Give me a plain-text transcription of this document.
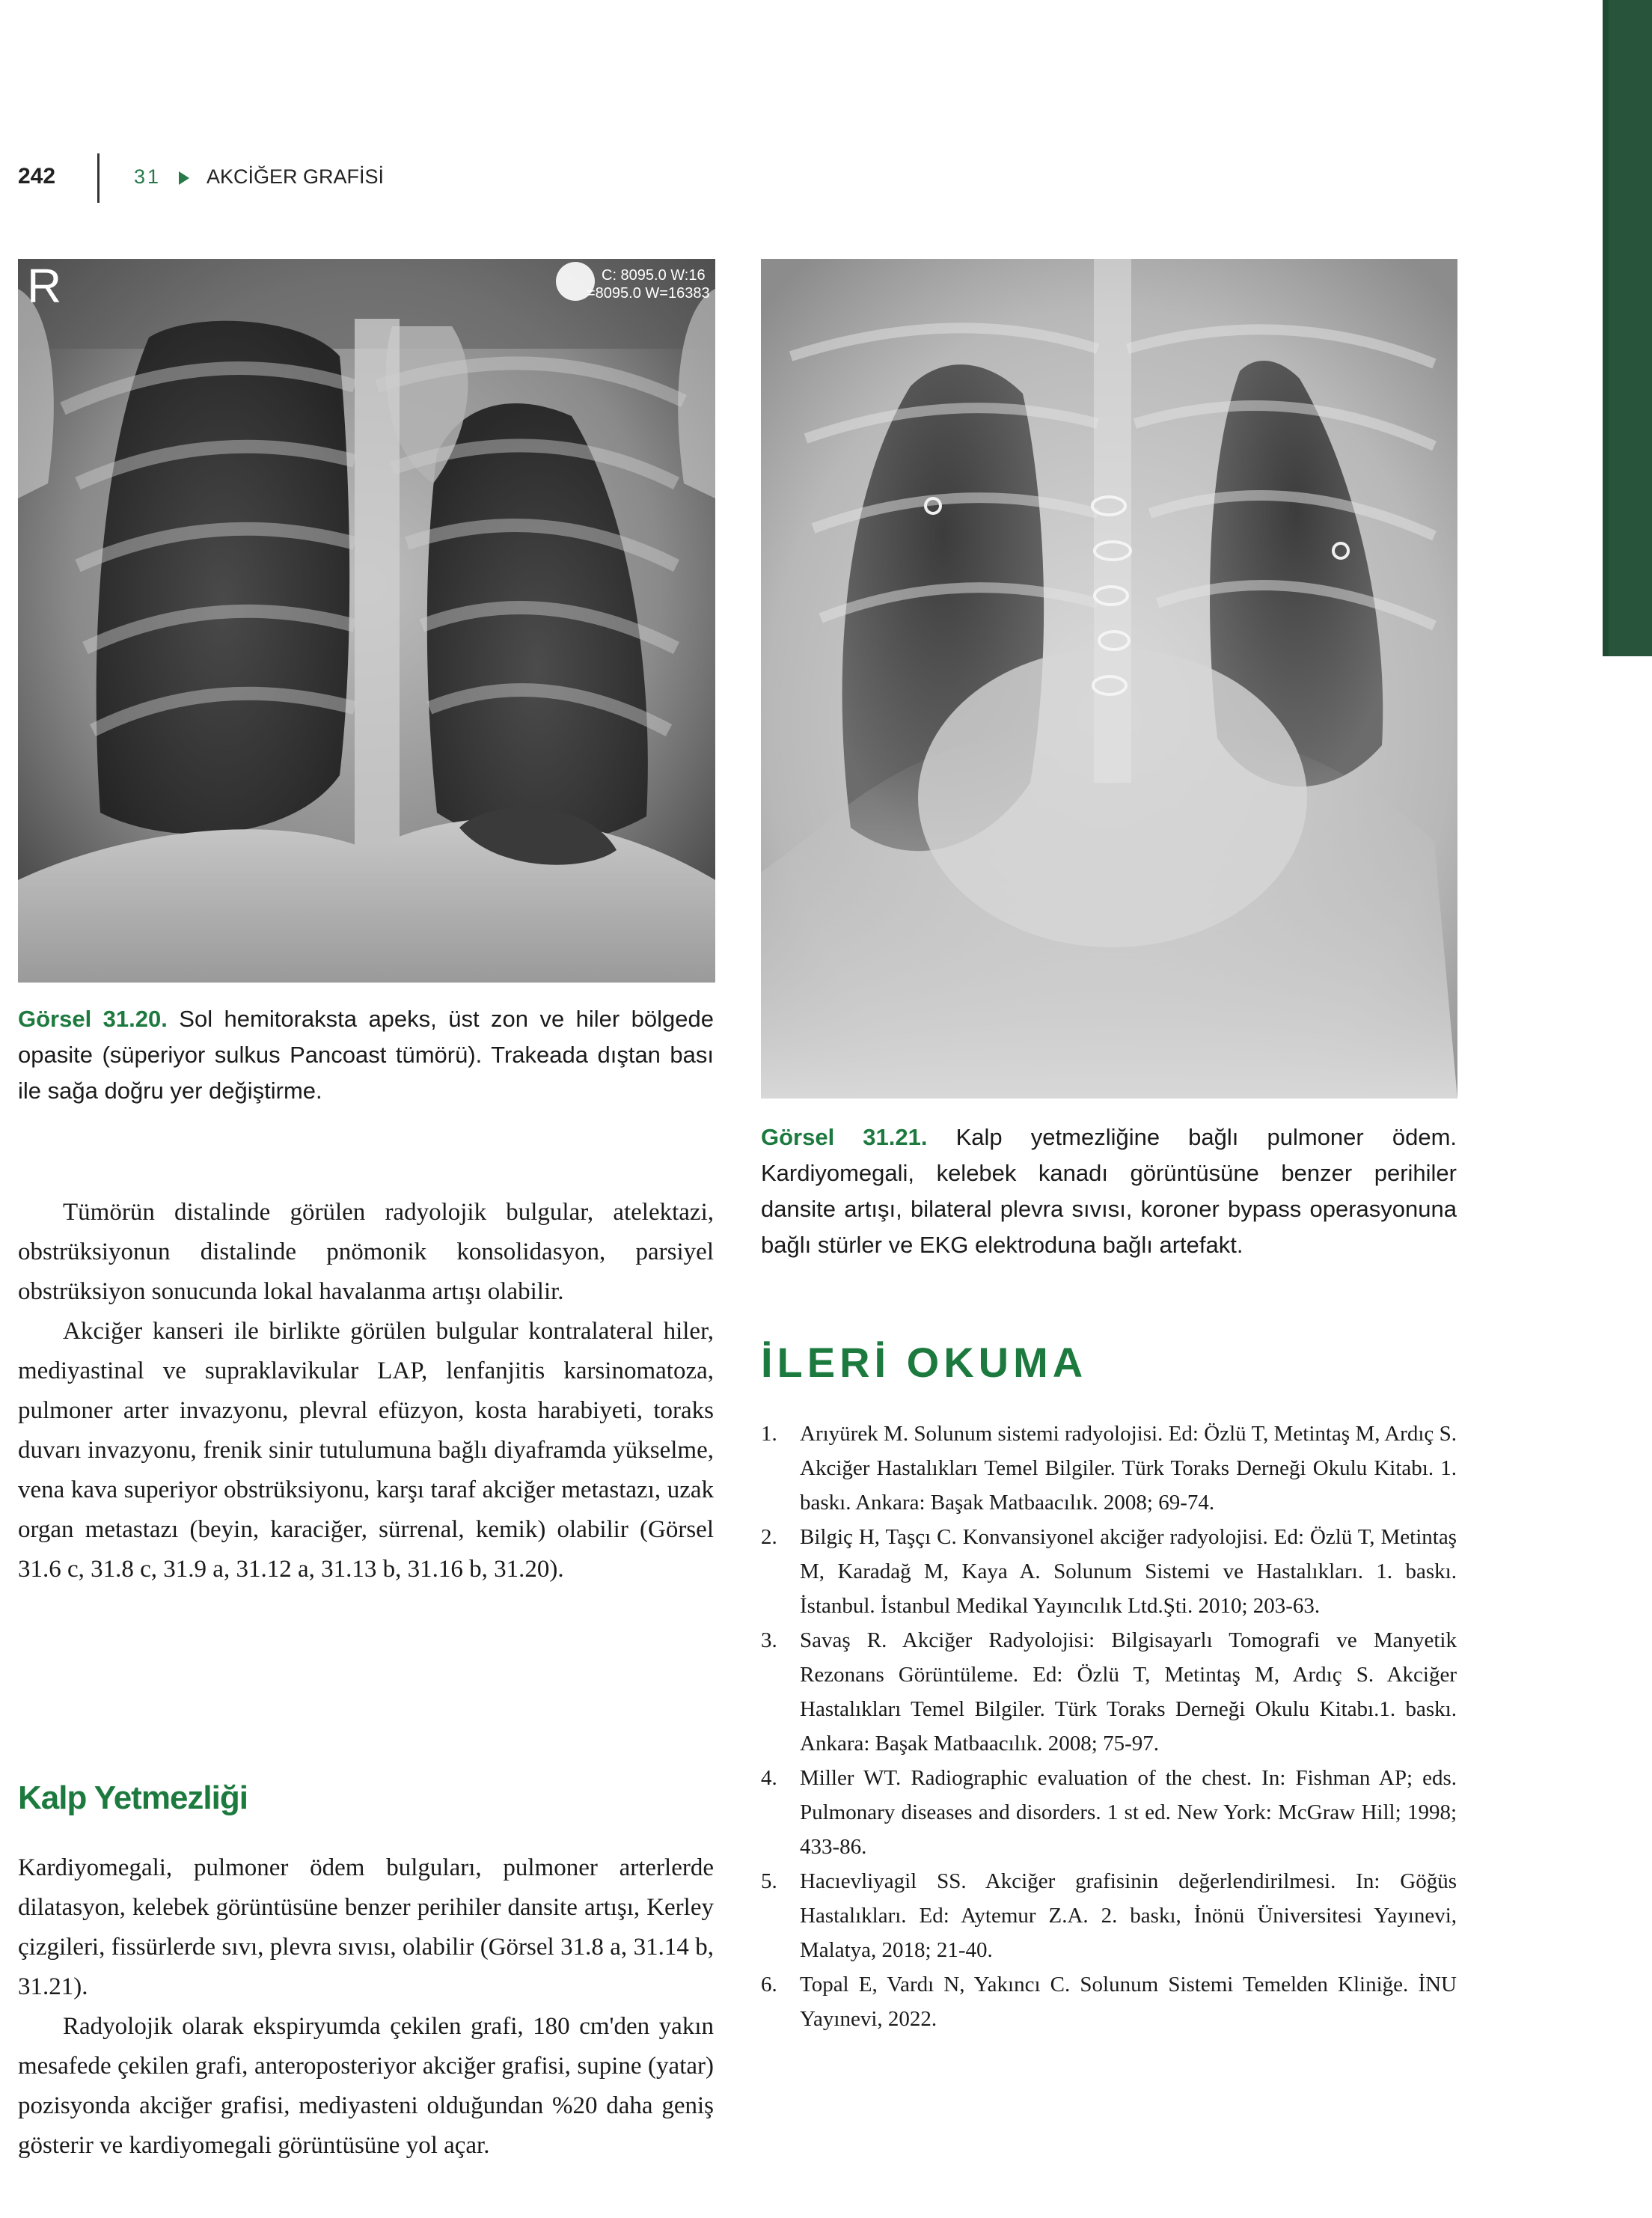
242	31 AKCİĞER GRAFİSİ
R	C: 8095.0 W:16
=8095.0 W=16383
Görsel 31.20. Sol hemitoraksta apeks, üst zon ve hiler bölgede opasite (süperiyor sulkus Pancoast tümörü). Trakeada dıştan bası ile sağa doğru yer değiştirme.
Görsel 31.21. Kalp yetmezliğine bağlı pulmoner ödem. Kardiyomegali, kelebek kanadı görüntüsüne benzer perihiler dansite artışı, bilateral plevra sıvısı, koroner bypass operasyonuna bağlı stürler ve EKG elektroduna bağlı artefakt.

Tümörün distalinde görülen radyolojik bulgular, atelektazi, obstrüksiyonun distalinde pnömonik konsolidasyon, parsiyel obstrüksiyon sonucunda lokal havalanma artışı olabilir.

Akciğer kanseri ile birlikte görülen bulgular kontralateral hiler, mediyastinal ve supraklavikular LAP, lenfanjitis karsinomatoza, pulmoner arter invazyonu, plevral efüzyon, kosta harabiyeti, toraks duvarı invazyonu, frenik sinir tutulumuna bağlı diyaframda yükselme, vena kava superiyor obstrüksiyonu, karşı taraf akciğer metastazı, uzak organ metastazı (beyin, karaciğer, sürrenal, kemik) olabilir (Görsel 31.6 c, 31.8 c, 31.9 a, 31.12 a, 31.13 b, 31.16 b, 31.20).

Kalp Yetmezliği

Kardiyomegali, pulmoner ödem bulguları, pulmoner arterlerde dilatasyon, kelebek görüntüsüne benzer perihiler dansite artışı, Kerley çizgileri, fissürlerde sıvı, plevra sıvısı, olabilir (Görsel 31.8 a, 31.14 b, 31.21).

Radyolojik olarak ekspiryumda çekilen grafi, 180 cm'den yakın mesafede çekilen grafi, anteroposteriyor akciğer grafisi, supine (yatar) pozisyonda akciğer grafisi, mediyasteni olduğundan %20 daha geniş gösterir ve kardiyomegali görüntüsüne yol açar.

İLERİ OKUMA
1. Arıyürek M. Solunum sistemi radyolojisi. Ed: Özlü T, Metintaş M, Ardıç S. Akciğer Hastalıkları Temel Bilgiler. Türk Toraks Derneği Okulu Kitabı. 1. baskı. Ankara: Başak Matbaacılık. 2008; 69-74.
2. Bilgiç H, Taşçı C. Konvansiyonel akciğer radyolojisi. Ed: Özlü T, Metintaş M, Karadağ M, Kaya A. Solunum Sistemi ve Hastalıkları. 1. baskı. İstanbul. İstanbul Medikal Yayıncılık Ltd.Şti. 2010; 203-63.
3. Savaş R. Akciğer Radyolojisi: Bilgisayarlı Tomografi ve Manyetik Rezonans Görüntüleme. Ed: Özlü T, Metintaş M, Ardıç S. Akciğer Hastalıkları Temel Bilgiler. Türk Toraks Derneği Okulu Kitabı.1. baskı. Ankara: Başak Matbaacılık. 2008; 75-97.
4. Miller WT. Radiographic evaluation of the chest. In: Fishman AP; eds. Pulmonary diseases and disorders. 1 st ed. New York: McGraw Hill; 1998; 433-86.
5. Hacıevliyagil SS. Akciğer grafisinin değerlendirilmesi. In: Göğüs Hastalıkları. Ed: Aytemur Z.A. 2. baskı, İnönü Üniversitesi Yayınevi, Malatya, 2018; 21-40.
6. Topal E, Vardı N, Yakıncı C. Solunum Sistemi Temelden Kliniğe. İNU Yayınevi, 2022.
